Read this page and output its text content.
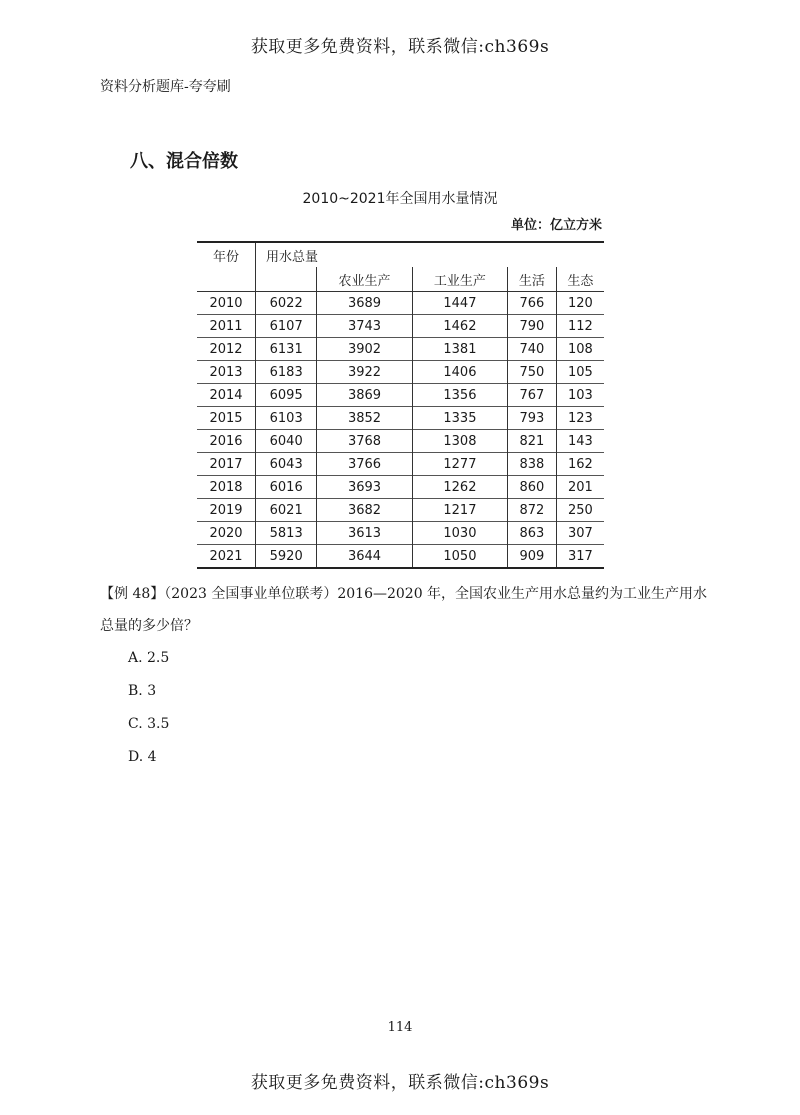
获取更多免费资料，联系微信:ch369s
资料分析题库-夸夸刷
八、混合倍数
2010~2021年全国用水量情况
单位：亿立方米
年份	用水总量				
		农业生产	工业生产	生活	生态
2010	6022	3689	1447	766	120
2011	6107	3743	1462	790	112
2012	6131	3902	1381	740	108
2013	6183	3922	1406	750	105
2014	6095	3869	1356	767	103
2015	6103	3852	1335	793	123
2016	6040	3768	1308	821	143
2017	6043	3766	1277	838	162
2018	6016	3693	1262	860	201
2019	6021	3682	1217	872	250
2020	5813	3613	1030	863	307
2021	5920	3644	1050	909	317
【例 48】（2023 全国事业单位联考）2016—2020 年，全国农业生产用水总量约为工业生产用水总量的多少倍？
A. 2.5
B. 3
C. 3.5
D. 4
114
获取更多免费资料，联系微信:ch369s
